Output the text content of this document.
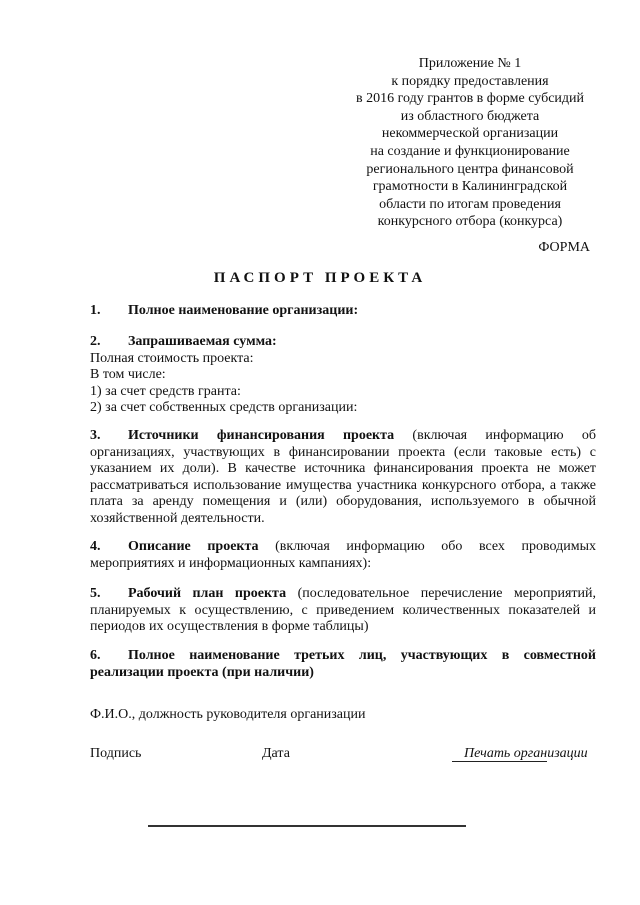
Приложение № 1
к порядку предоставления
в 2016 году грантов в форме субсидий
из областного бюджета
некоммерческой организации
на создание и функционирование
регионального центра финансовой
грамотности в Калининградской
области по итогам проведения
конкурсного отбора (конкурса)
ФОРМА
ПАСПОРТ ПРОЕКТА

1. Полное наименование организации:

2. Запрашиваемая сумма:

Полная стоимость проекта:
В том числе:
1) за счет средств гранта:
2) за счет собственных средств организации:
3. Источники финансирования проекта (включая информацию об организациях, участвующих в финансировании проекта (если таковые есть) с указанием их доли). В качестве источника финансирования проекта не может рассматриваться использование имущества участника конкурсного отбора, а также плата за аренду помещения и (или) оборудования, используемого в обычной хозяйственной деятельности.
4. Описание проекта (включая информацию обо всех проводимых мероприятиях и информационных кампаниях):
5. Рабочий план проекта (последовательное перечисление мероприятий, планируемых к осуществлению, с приведением количественных показателей и периодов их осуществления в форме таблицы)
6. Полное наименование третьих лиц, участвующих в совместной реализации проекта (при наличии)
Ф.И.О., должность руководителя организации
Подпись	Дата	Печать организации
